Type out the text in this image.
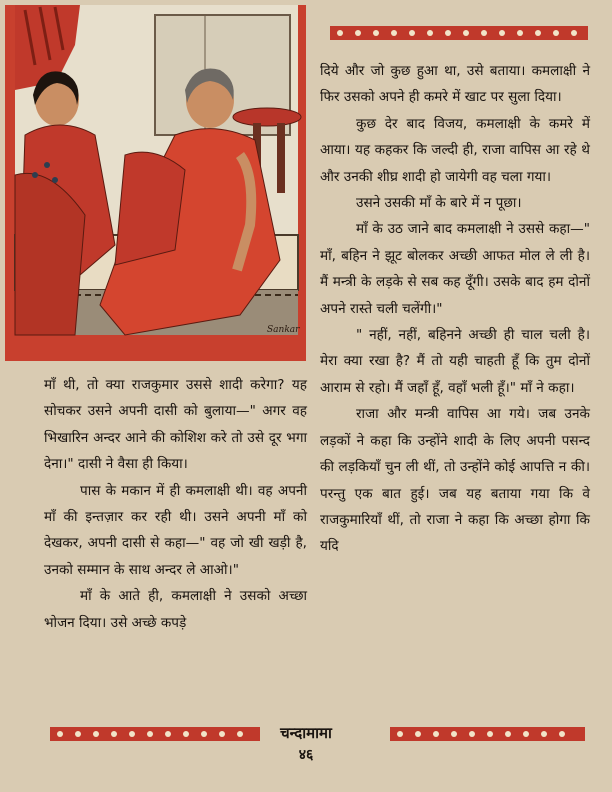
Sankar

दिये और जो कुछ हुआ था, उसे बताया। कमलाक्षी ने फिर उसको अपने ही कमरे में खाट पर सुला दिया।

कुछ देर बाद विजय, कमलाक्षी के कमरे में आया। यह कहकर कि जल्दी ही, राजा वापिस आ रहे थे और उनकी शीघ्र शादी हो जायेगी वह चला गया।

उसने उसकी माँ के बारे में न पूछा।

माँ के उठ जाने बाद कमलाक्षी ने उससे कहा—" माँ, बहिन ने झूट बोलकर अच्छी आफत मोल ले ली है। मैं मन्त्री के लड़के से सब कह दूँगी। उसके बाद हम दोनों अपने रास्ते चली चलेंगी।"

" नहीं, नहीं, बहिनने अच्छी ही चाल चली है। मेरा क्या रखा है? मैं तो यही चाहती हूँ कि तुम दोनों आराम से रहो। मैं जहाँ हूँ, वहाँ भली हूँ।" माँ ने कहा।

राजा और मन्त्री वापिस आ गये। जब उनके लड़कों ने कहा कि उन्होंने शादी के लिए अपनी पसन्द की लड़कियाँ चुन ली थीं, तो उन्होंने कोई आपत्ति न की। परन्तु एक बात हुई। जब यह बताया गया कि वे राजकुमारियाँ थीं, तो राजा ने कहा कि अच्छा होगा कि यदि

माँ थी, तो क्या राजकुमार उससे शादी करेगा? यह सोचकर उसने अपनी दासी को बुलाया—" अगर वह भिखारिन अन्दर आने की कोशिश करे तो उसे दूर भगा देना।" दासी ने वैसा ही किया।

पास के मकान में ही कमलाक्षी थी। वह अपनी माँ की इन्तज़ार कर रही थी। उसने अपनी माँ को देखकर, अपनी दासी से कहा—" वह जो खी खड़ी है, उनको सम्मान के साथ अन्दर ले आओ।"

माँ के आते ही, कमलाक्षी ने उसको अच्छा भोजन दिया। उसे अच्छे कपड़े

चन्दामामा
४६
